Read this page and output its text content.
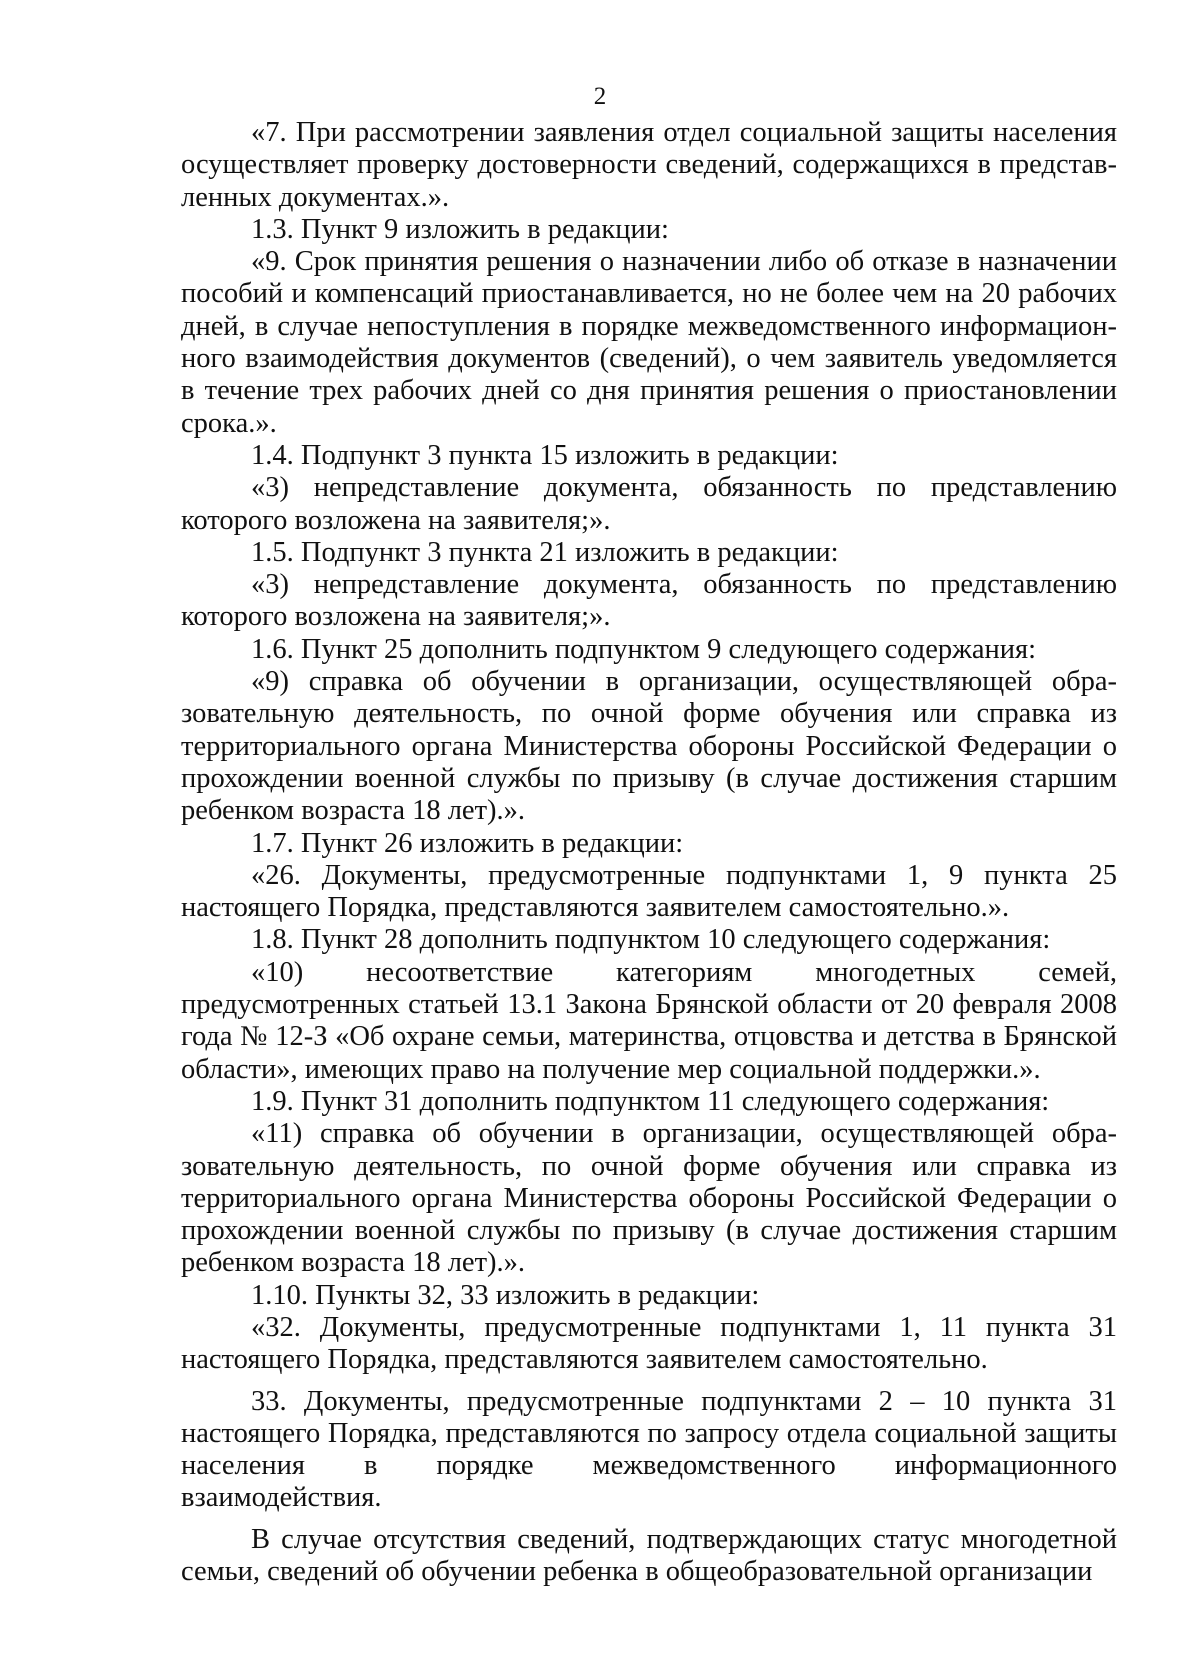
2

«7. При рассмотрении заявления отдел социальной защиты населения осуществляет проверку достоверности сведений, содержащихся в представленных документах.».

1.3. Пункт 9 изложить в редакции:

«9. Срок принятия решения о назначении либо об отказе в назначении пособий и компенсаций приостанавливается, но не более чем на 20 рабочих дней, в случае непоступления в порядке межведомственного информационного взаимодействия документов (сведений), о чем заявитель уведомляется в течение трех рабочих дней со дня принятия решения о приостановлении срока.».

1.4. Подпункт 3 пункта 15 изложить в редакции:

«3) непредставление документа, обязанность по представлению которого возложена на заявителя;».

1.5. Подпункт 3 пункта 21 изложить в редакции:

«3) непредставление документа, обязанность по представлению которого возложена на заявителя;».

1.6. Пункт 25 дополнить подпунктом 9 следующего содержания:

«9) справка об обучении в организации, осуществляющей образовательную деятельность, по очной форме обучения или справка из территориального органа Министерства обороны Российской Федерации о прохождении военной службы по призыву (в случае достижения старшим ребенком возраста 18 лет).».

1.7. Пункт 26 изложить в редакции:

«26. Документы, предусмотренные подпунктами 1, 9 пункта 25 настоящего Порядка, представляются заявителем самостоятельно.».

1.8. Пункт 28 дополнить подпунктом 10 следующего содержания:

«10) несоответствие категориям многодетных семей, предусмотренных статьей 13.1 Закона Брянской области от 20 февраля 2008 года № 12-З «Об охране семьи, материнства, отцовства и детства в Брянской области», имеющих право на получение мер социальной поддержки.».

1.9. Пункт 31 дополнить подпунктом 11 следующего содержания:

«11) справка об обучении в организации, осуществляющей образовательную деятельность, по очной форме обучения или справка из территориального органа Министерства обороны Российской Федерации о прохождении военной службы по призыву (в случае достижения старшим ребенком возраста 18 лет).».

1.10. Пункты 32, 33 изложить в редакции:

«32. Документы, предусмотренные подпунктами 1, 11 пункта 31 настоящего Порядка, представляются заявителем самостоятельно.

33. Документы, предусмотренные подпунктами 2 – 10 пункта 31 настоящего Порядка, представляются по запросу отдела социальной защиты населения в порядке межведомственного информационного взаимодействия.

В случае отсутствия сведений, подтверждающих статус многодетной семьи, сведений об обучении ребенка в общеобразовательной организации
